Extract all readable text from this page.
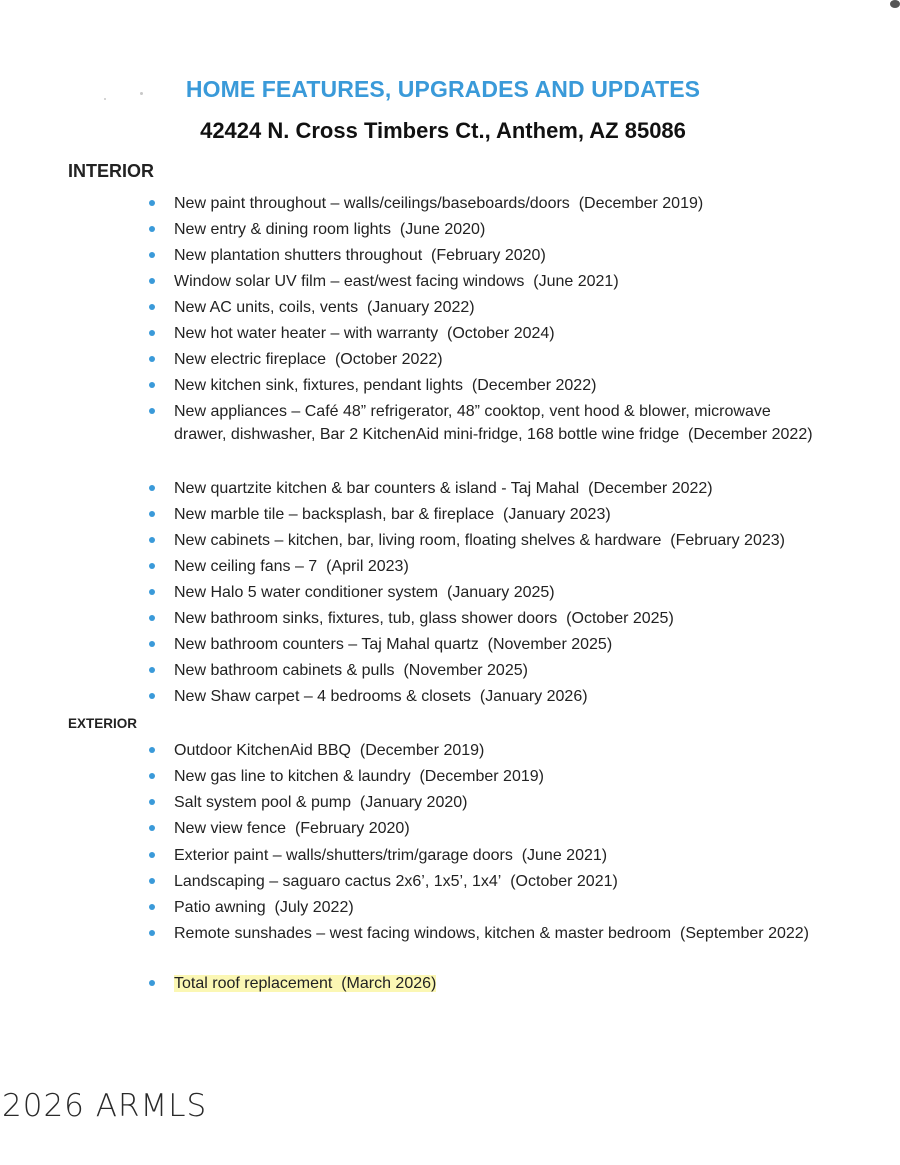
HOME FEATURES, UPGRADES AND UPDATES
42424 N. Cross Timbers Ct., Anthem, AZ 85086
INTERIOR
New paint throughout – walls/ceilings/baseboards/doors (December 2019)
New entry & dining room lights (June 2020)
New plantation shutters throughout (February 2020)
Window solar UV film – east/west facing windows (June 2021)
New AC units, coils, vents (January 2022)
New hot water heater – with warranty (October 2024)
New electric fireplace (October 2022)
New kitchen sink, fixtures, pendant lights (December 2022)
New appliances – Café 48” refrigerator, 48” cooktop, vent hood & blower, microwave drawer, dishwasher, Bar 2 KitchenAid mini-fridge, 168 bottle wine fridge (December 2022)
New quartzite kitchen & bar counters & island - Taj Mahal (December 2022)
New marble tile – backsplash, bar & fireplace (January 2023)
New cabinets – kitchen, bar, living room, floating shelves & hardware (February 2023)
New ceiling fans – 7 (April 2023)
New Halo 5 water conditioner system (January 2025)
New bathroom sinks, fixtures, tub, glass shower doors (October 2025)
New bathroom counters – Taj Mahal quartz (November 2025)
New bathroom cabinets & pulls (November 2025)
New Shaw carpet – 4 bedrooms & closets (January 2026)
EXTERIOR
Outdoor KitchenAid BBQ (December 2019)
New gas line to kitchen & laundry (December 2019)
Salt system pool & pump (January 2020)
New view fence (February 2020)
Exterior paint – walls/shutters/trim/garage doors (June 2021)
Landscaping – saguaro cactus 2x6’, 1x5’, 1x4’ (October 2021)
Patio awning (July 2022)
Remote sunshades – west facing windows, kitchen & master bedroom (September 2022)
Total roof replacement (March 2026)
2026 ARMLS
